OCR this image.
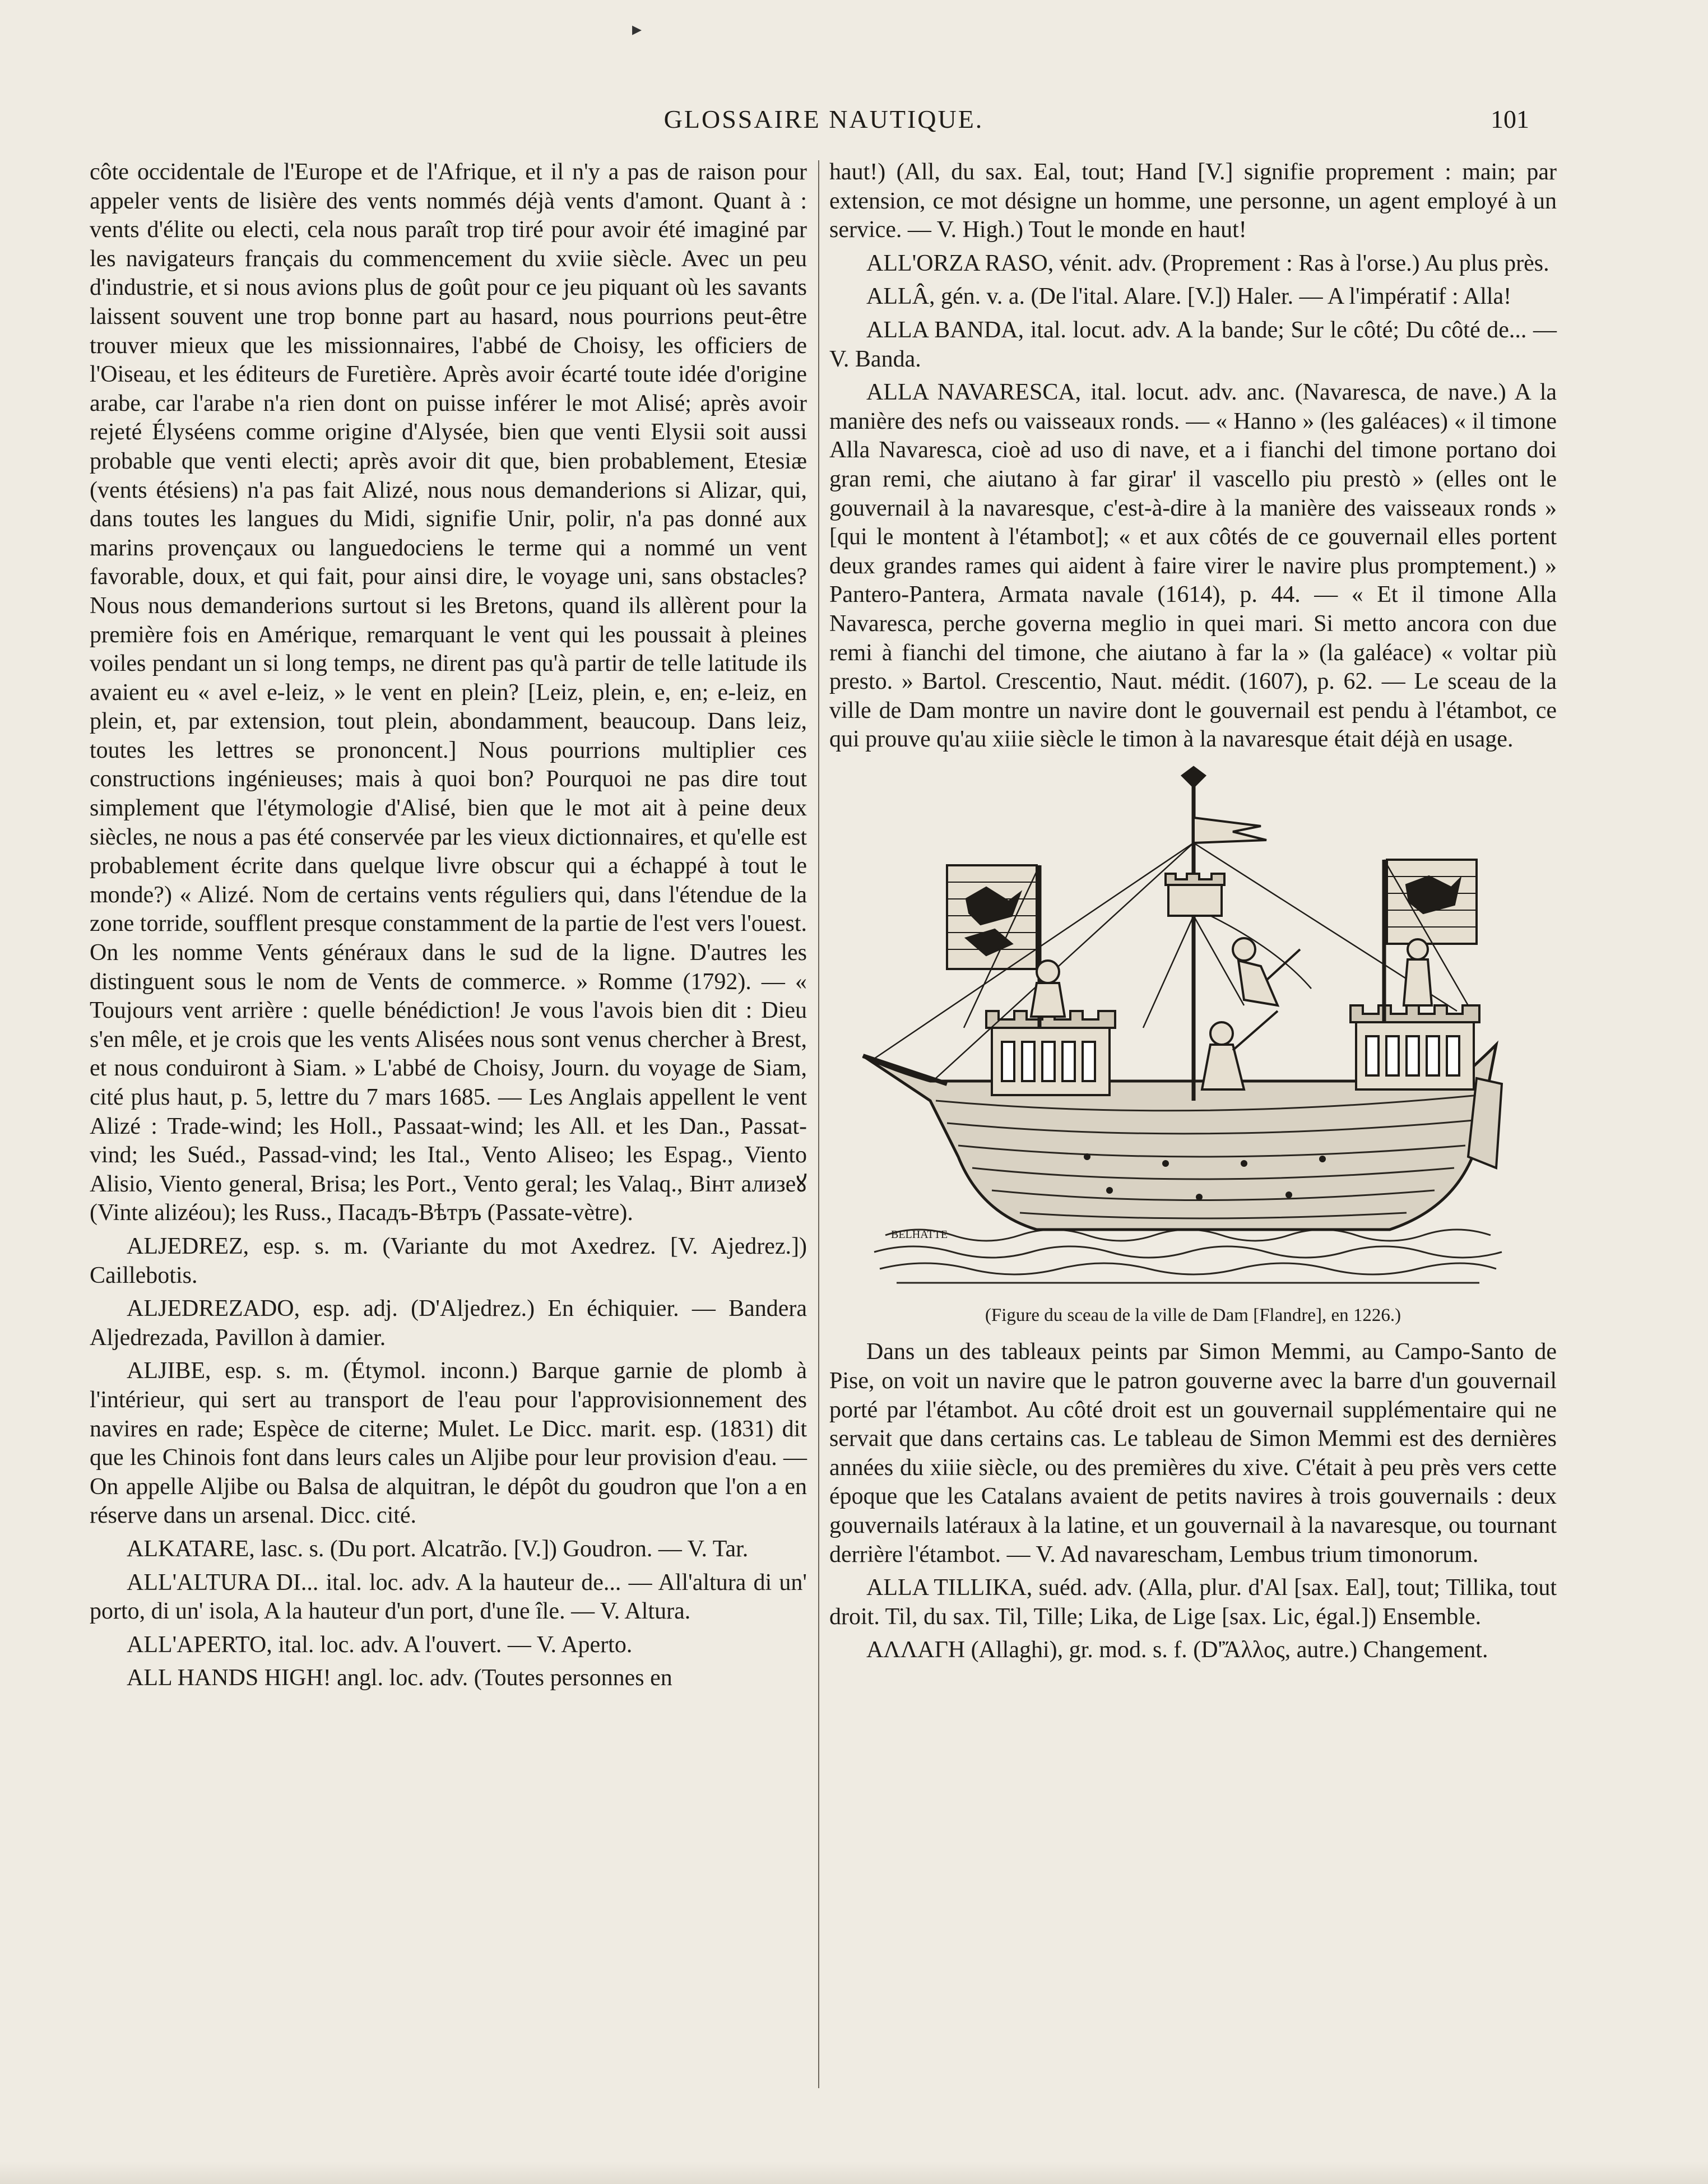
▸
GLOSSAIRE NAUTIQUE.	101

côte occidentale de l'Europe et de l'Afrique, et il n'y a pas de raison pour appeler vents de lisière des vents nommés déjà vents d'amont. Quant à : vents d'élite ou electi, cela nous paraît trop tiré pour avoir été imaginé par les navigateurs français du commencement du xviie siècle. Avec un peu d'industrie, et si nous avions plus de goût pour ce jeu piquant où les savants laissent souvent une trop bonne part au hasard, nous pourrions peut-être trouver mieux que les missionnaires, l'abbé de Choisy, les officiers de l'Oiseau, et les éditeurs de Furetière. Après avoir écarté toute idée d'origine arabe, car l'arabe n'a rien dont on puisse inférer le mot Alisé; après avoir rejeté Élyséens comme origine d'Alysée, bien que venti Elysii soit aussi probable que venti electi; après avoir dit que, bien probablement, Etesiæ (vents étésiens) n'a pas fait Alizé, nous nous demanderions si Alizar, qui, dans toutes les langues du Midi, signifie Unir, polir, n'a pas donné aux marins provençaux ou languedociens le terme qui a nommé un vent favorable, doux, et qui fait, pour ainsi dire, le voyage uni, sans obstacles? Nous nous demanderions surtout si les Bretons, quand ils allèrent pour la première fois en Amérique, remarquant le vent qui les poussait à pleines voiles pendant un si long temps, ne dirent pas qu'à partir de telle latitude ils avaient eu « avel e-leiz, » le vent en plein? [Leiz, plein, e, en; e-leiz, en plein, et, par extension, tout plein, abondamment, beaucoup. Dans leiz, toutes les lettres se prononcent.] Nous pourrions multiplier ces constructions ingénieuses; mais à quoi bon? Pourquoi ne pas dire tout simplement que l'étymologie d'Alisé, bien que le mot ait à peine deux siècles, ne nous a pas été conservée par les vieux dictionnaires, et qu'elle est probablement écrite dans quelque livre obscur qui a échappé à tout le monde?) « Alizé. Nom de certains vents réguliers qui, dans l'étendue de la zone torride, soufflent presque constamment de la partie de l'est vers l'ouest. On les nomme Vents généraux dans le sud de la ligne. D'autres les distinguent sous le nom de Vents de commerce. » Romme (1792). — « Toujours vent arrière : quelle bénédiction! Je vous l'avois bien dit : Dieu s'en mêle, et je crois que les vents Alisées nous sont venus chercher à Brest, et nous conduiront à Siam. » L'abbé de Choisy, Journ. du voyage de Siam, cité plus haut, p. 5, lettre du 7 mars 1685. — Les Anglais appellent le vent Alizé : Trade-wind; les Holl., Passaat-wind; les All. et les Dan., Passat-vind; les Suéd., Passad-vind; les Ital., Vento Aliseo; les Espag., Viento Alisio, Viento general, Brisa; les Port., Vento geral; les Valaq., Вінт ализеꙋ (Vinte alizéou); les Russ., Пасадъ-Вѣтръ (Passate-vètre).

ALJEDREZ, esp. s. m. (Variante du mot Axedrez. [V. Ajedrez.]) Caillebotis.

ALJEDREZADO, esp. adj. (D'Aljedrez.) En échiquier. — Bandera Aljedrezada, Pavillon à damier.

ALJIBE, esp. s. m. (Étymol. inconn.) Barque garnie de plomb à l'intérieur, qui sert au transport de l'eau pour l'approvisionnement des navires en rade; Espèce de citerne; Mulet. Le Dicc. marit. esp. (1831) dit que les Chinois font dans leurs cales un Aljibe pour leur provision d'eau. — On appelle Aljibe ou Balsa de alquitran, le dépôt du goudron que l'on a en réserve dans un arsenal. Dicc. cité.

ALKATARE, lasc. s. (Du port. Alcatrão. [V.]) Goudron. — V. Tar.

ALL'ALTURA DI... ital. loc. adv. A la hauteur de... — All'altura di un' porto, di un' isola, A la hauteur d'un port, d'une île. — V. Altura.

ALL'APERTO, ital. loc. adv. A l'ouvert. — V. Aperto.

ALL HANDS HIGH! angl. loc. adv. (Toutes personnes en

haut!) (All, du sax. Eal, tout; Hand [V.] signifie proprement : main; par extension, ce mot désigne un homme, une personne, un agent employé à un service. — V. High.) Tout le monde en haut!

ALL'ORZA RASO, vénit. adv. (Proprement : Ras à l'orse.) Au plus près.

ALLÂ, gén. v. a. (De l'ital. Alare. [V.]) Haler. — A l'impératif : Alla!

ALLA BANDA, ital. locut. adv. A la bande; Sur le côté; Du côté de... — V. Banda.

ALLA NAVARESCA, ital. locut. adv. anc. (Navaresca, de nave.) A la manière des nefs ou vaisseaux ronds. — « Hanno » (les galéaces) « il timone Alla Navaresca, cioè ad uso di nave, et a i fianchi del timone portano doi gran remi, che aiutano à far girar' il vascello piu prestò » (elles ont le gouvernail à la navaresque, c'est-à-dire à la manière des vaisseaux ronds » [qui le montent à l'étambot]; « et aux côtés de ce gouvernail elles portent deux grandes rames qui aident à faire virer le navire plus promptement.) » Pantero-Pantera, Armata navale (1614), p. 44. — « Et il timone Alla Navaresca, perche governa meglio in quei mari. Si metto ancora con due remi à fianchi del timone, che aiutano à far la » (la galéace) « voltar più presto. » Bartol. Crescentio, Naut. médit. (1607), p. 62. — Le sceau de la ville de Dam montre un navire dont le gouvernail est pendu à l'étambot, ce qui prouve qu'au xiiie siècle le timon à la navaresque était déjà en usage.

BELHATTE
(Figure du sceau de la ville de Dam [Flandre], en 1226.)

Dans un des tableaux peints par Simon Memmi, au Campo-Santo de Pise, on voit un navire que le patron gouverne avec la barre d'un gouvernail porté par l'étambot. Au côté droit est un gouvernail supplémentaire qui ne servait que dans certains cas. Le tableau de Simon Memmi est des dernières années du xiiie siècle, ou des premières du xive. C'était à peu près vers cette époque que les Catalans avaient de petits navires à trois gouvernails : deux gouvernails latéraux à la latine, et un gouvernail à la navaresque, ou tournant derrière l'étambot. — V. Ad navarescham, Lembus trium timonorum.

ALLA TILLIKA, suéd. adv. (Alla, plur. d'Al [sax. Eal], tout; Tillika, tout droit. Til, du sax. Til, Tille; Lika, de Lige [sax. Lic, égal.]) Ensemble.

ΑΛΛΑΓΗ (Allaghi), gr. mod. s. f. (D'Ἄλλος, autre.) Changement.
